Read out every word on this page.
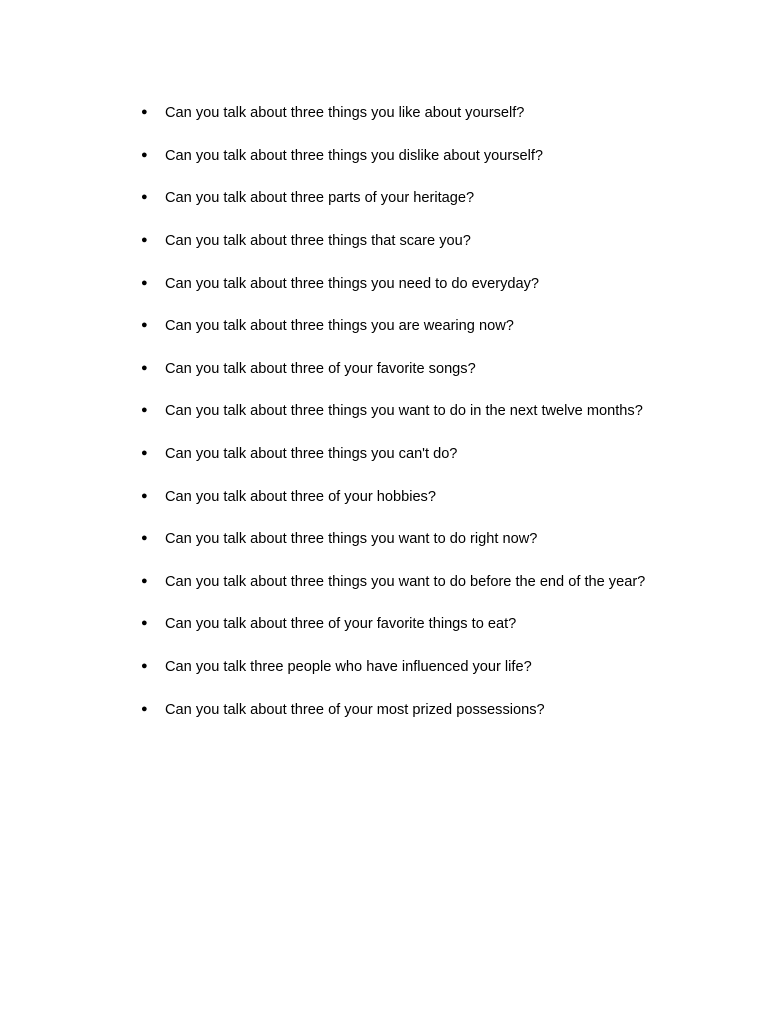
●	Can you talk about three things you like about yourself?
●	Can you talk about three things you dislike about yourself?
●	Can you talk about three parts of your heritage?
●	Can you talk about three things that scare you?
●	Can you talk about three things you need to do everyday?
●	Can you talk about three things you are wearing now?
●	Can you talk about three of your favorite songs?
●	Can you talk about three things you want to do in the next twelve months?
●	Can you talk about three things you can't do?
●	Can you talk about three of your hobbies?
●	Can you talk about three things you want to do right now?
●	Can you talk about three things you want to do before the end of the year?
●	Can you talk about three of your favorite things to eat?
●	Can you talk three people who have influenced your life?
●	Can you talk about three of your most prized possessions?
